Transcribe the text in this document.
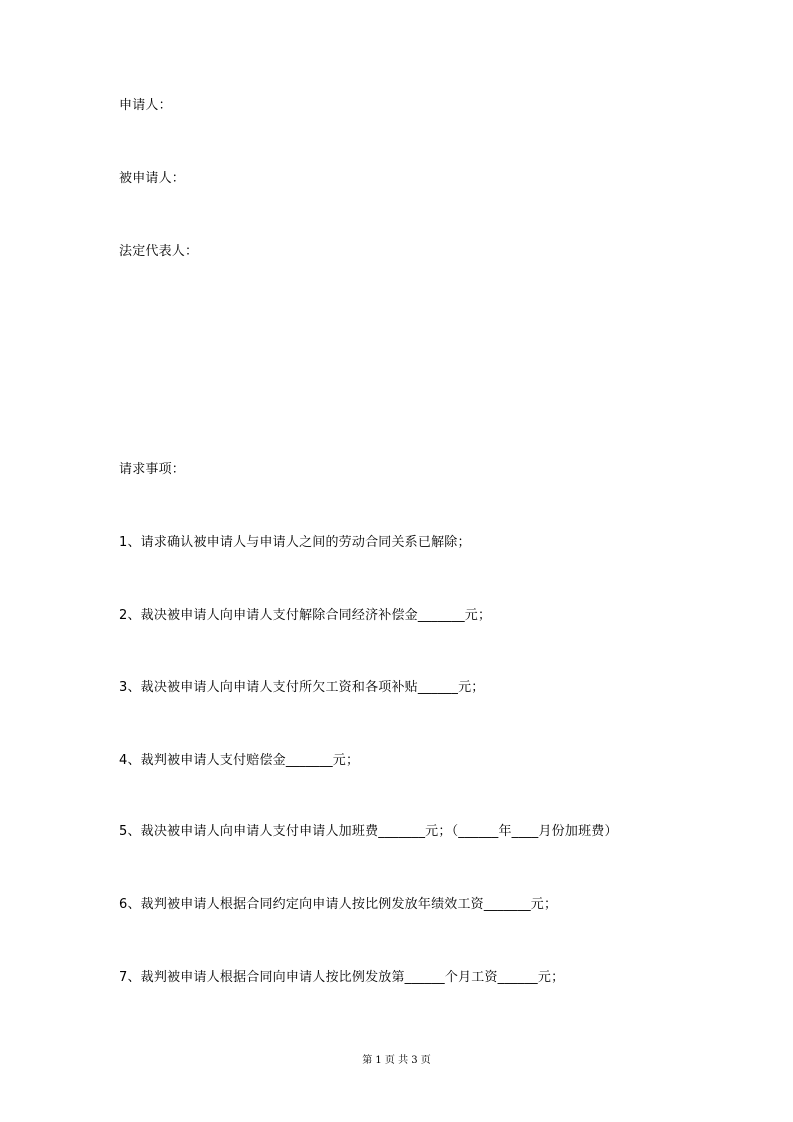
申请人：
被申请人：
法定代表人：
请求事项：
1、请求确认被申请人与申请人之间的劳动合同关系已解除；
2、裁决被申请人向申请人支付解除合同经济补偿金_______元；
3、裁决被申请人向申请人支付所欠工资和各项补贴______元；
4、裁判被申请人支付赔偿金_______元；
5、裁决被申请人向申请人支付申请人加班费_______元；（______年____月份加班费）
6、裁判被申请人根据合同约定向申请人按比例发放年绩效工资_______元；
7、裁判被申请人根据合同向申请人按比例发放第______个月工资______元；
第 1 页 共 3 页
